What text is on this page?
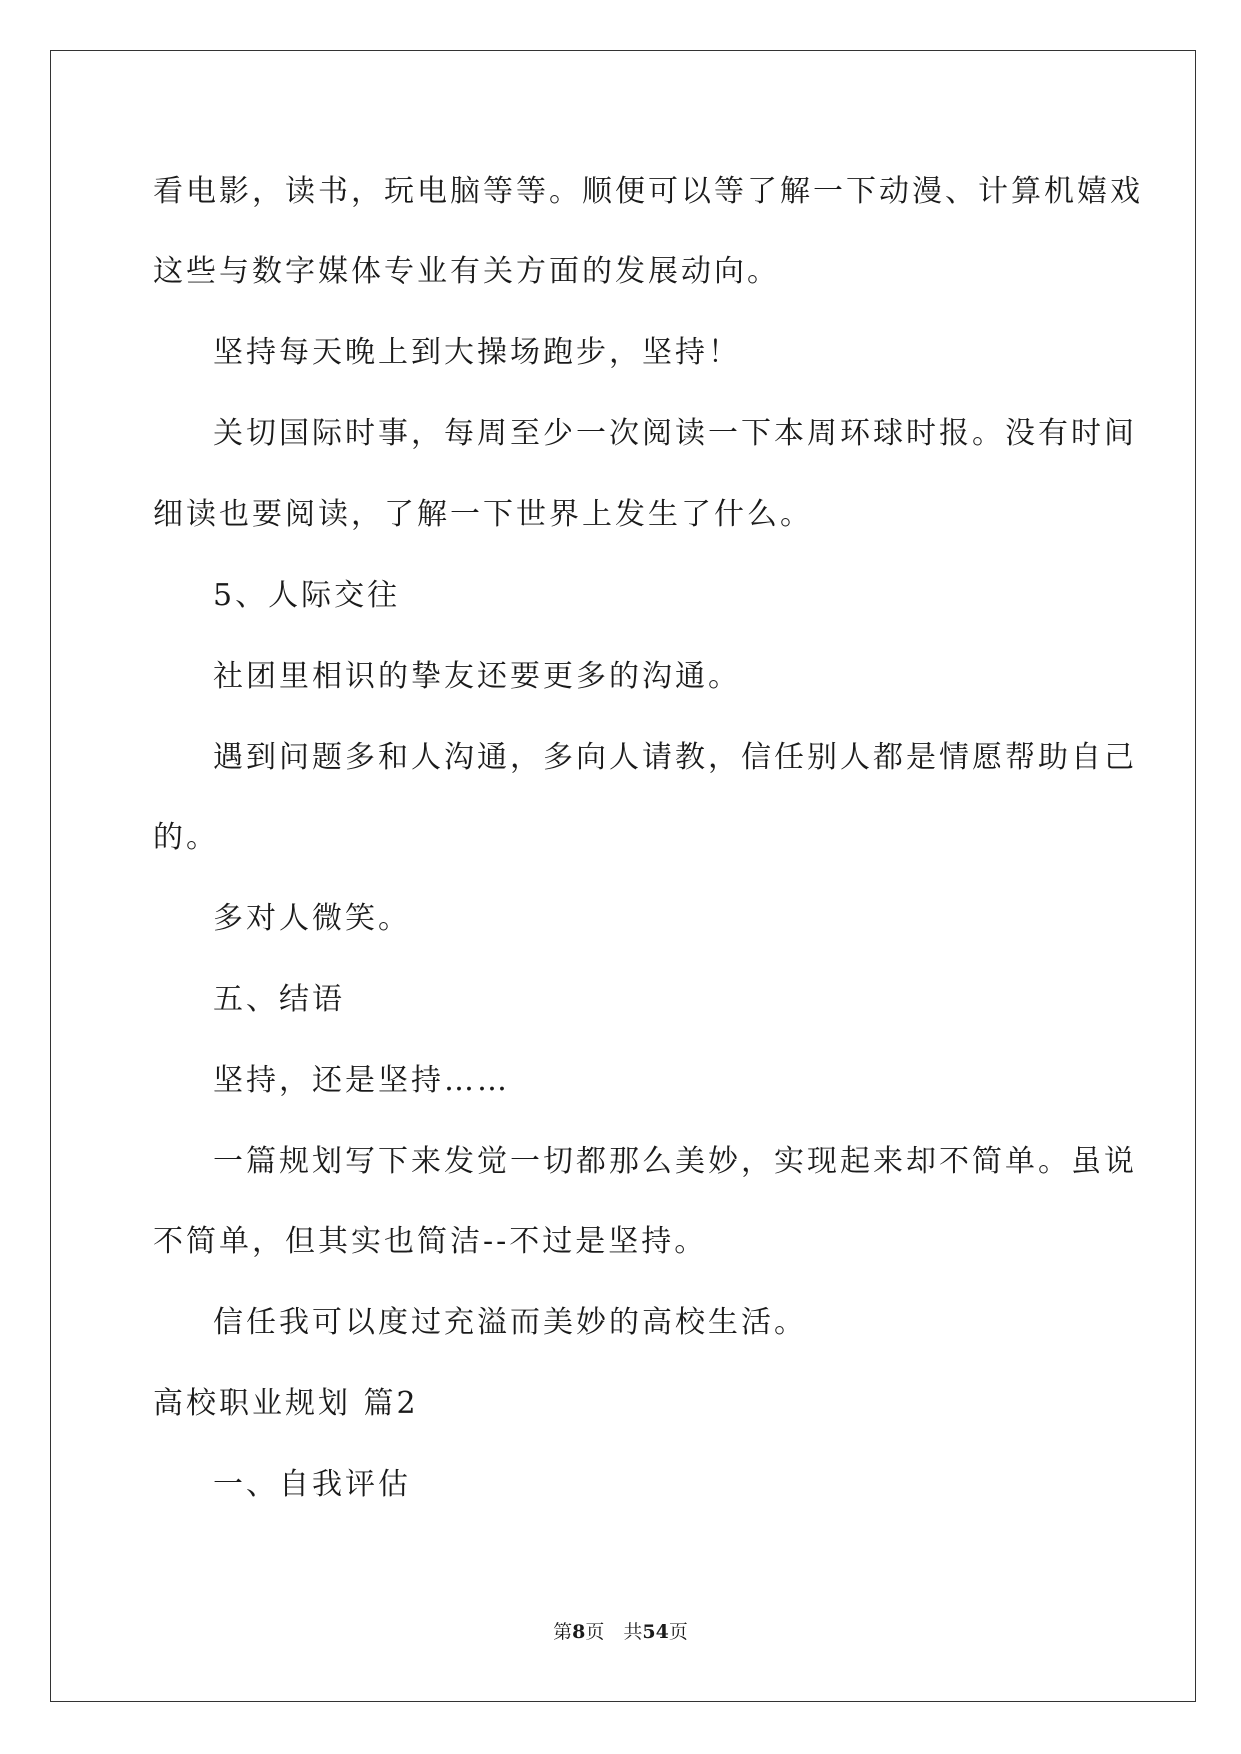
看电影，读书，玩电脑等等。顺便可以等了解一下动漫、计算机嬉戏
这些与数字媒体专业有关方面的发展动向。
坚持每天晚上到大操场跑步，坚持！
关切国际时事，每周至少一次阅读一下本周环球时报。没有时间
细读也要阅读，了解一下世界上发生了什么。
5、人际交往
社团里相识的挚友还要更多的沟通。
遇到问题多和人沟通，多向人请教，信任别人都是情愿帮助自己
的。
多对人微笑。
五、结语
坚持，还是坚持……
一篇规划写下来发觉一切都那么美妙，实现起来却不简单。虽说
不简单，但其实也简洁--不过是坚持。
信任我可以度过充溢而美妙的高校生活。
高校职业规划 篇2
一、自我评估
第8页　共54页
